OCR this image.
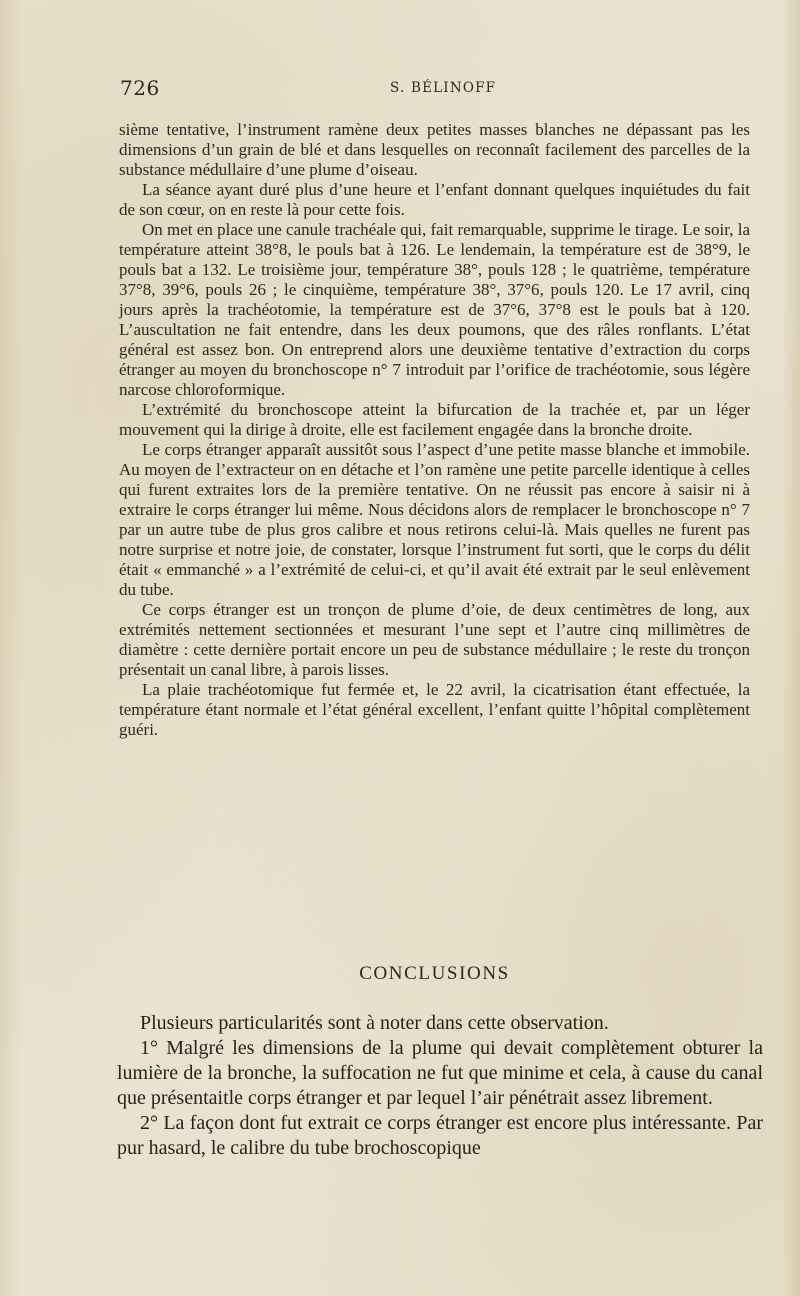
726	S. BÉLINOFF

sième tentative, l’instrument ramène deux petites masses blanches ne dépassant pas les dimensions d’un grain de blé et dans lesquelles on reconnaît facilement des parcelles de la substance médullaire d’une plume d’oiseau.

La séance ayant duré plus d’une heure et l’enfant donnant quelques inquiétudes du fait de son cœur, on en reste là pour cette fois.

On met en place une canule trachéale qui, fait remarquable, supprime le tirage. Le soir, la température atteint 38°8, le pouls bat à 126. Le lendemain, la température est de 38°9, le pouls bat a 132. Le troisième jour, température 38°, pouls 128 ; le quatrième, température 37°8, 39°6, pouls 26 ; le cinquième, température 38°, 37°6, pouls 120. Le 17 avril, cinq jours après la trachéotomie, la température est de 37°6, 37°8 est le pouls bat à 120. L’auscultation ne fait entendre, dans les deux poumons, que des râles ronflants. L’état général est assez bon. On entreprend alors une deuxième tentative d’extraction du corps étranger au moyen du bronchoscope n° 7 introduit par l’orifice de trachéotomie, sous légère narcose chloroformique.

L’extrémité du bronchoscope atteint la bifurcation de la trachée et, par un léger mouvement qui la dirige à droite, elle est facilement engagée dans la bronche droite.

Le corps étranger apparaît aussitôt sous l’aspect d’une petite masse blanche et immobile. Au moyen de l’extracteur on en détache et l’on ramène une petite parcelle identique à celles qui furent extraites lors de la première tentative. On ne réussit pas encore à saisir ni à extraire le corps étranger lui même. Nous décidons alors de remplacer le bronchoscope n° 7 par un autre tube de plus gros calibre et nous retirons celui-là. Mais quelles ne furent pas notre surprise et notre joie, de constater, lorsque l’instrument fut sorti, que le corps du délit était « emmanché » a l’extrémité de celui-ci, et qu’il avait été extrait par le seul enlèvement du tube.

Ce corps étranger est un tronçon de plume d’oie, de deux centimètres de long, aux extrémités nettement sectionnées et mesurant l’une sept et l’autre cinq millimètres de diamètre : cette dernière portait encore un peu de substance médullaire ; le reste du tronçon présentait un canal libre, à parois lisses.

La plaie trachéotomique fut fermée et, le 22 avril, la cicatrisation étant effectuée, la température étant normale et l’état général excellent, l’enfant quitte l’hôpital complètement guéri.

CONCLUSIONS

Plusieurs particularités sont à noter dans cette observation.

1° Malgré les dimensions de la plume qui devait complètement obturer la lumière de la bronche, la suffocation ne fut que minime et cela, à cause du canal que présentaitle corps étranger et par lequel l’air pénétrait assez librement.

2° La façon dont fut extrait ce corps étranger est encore plus intéressante. Par pur hasard, le calibre du tube brochoscopique
